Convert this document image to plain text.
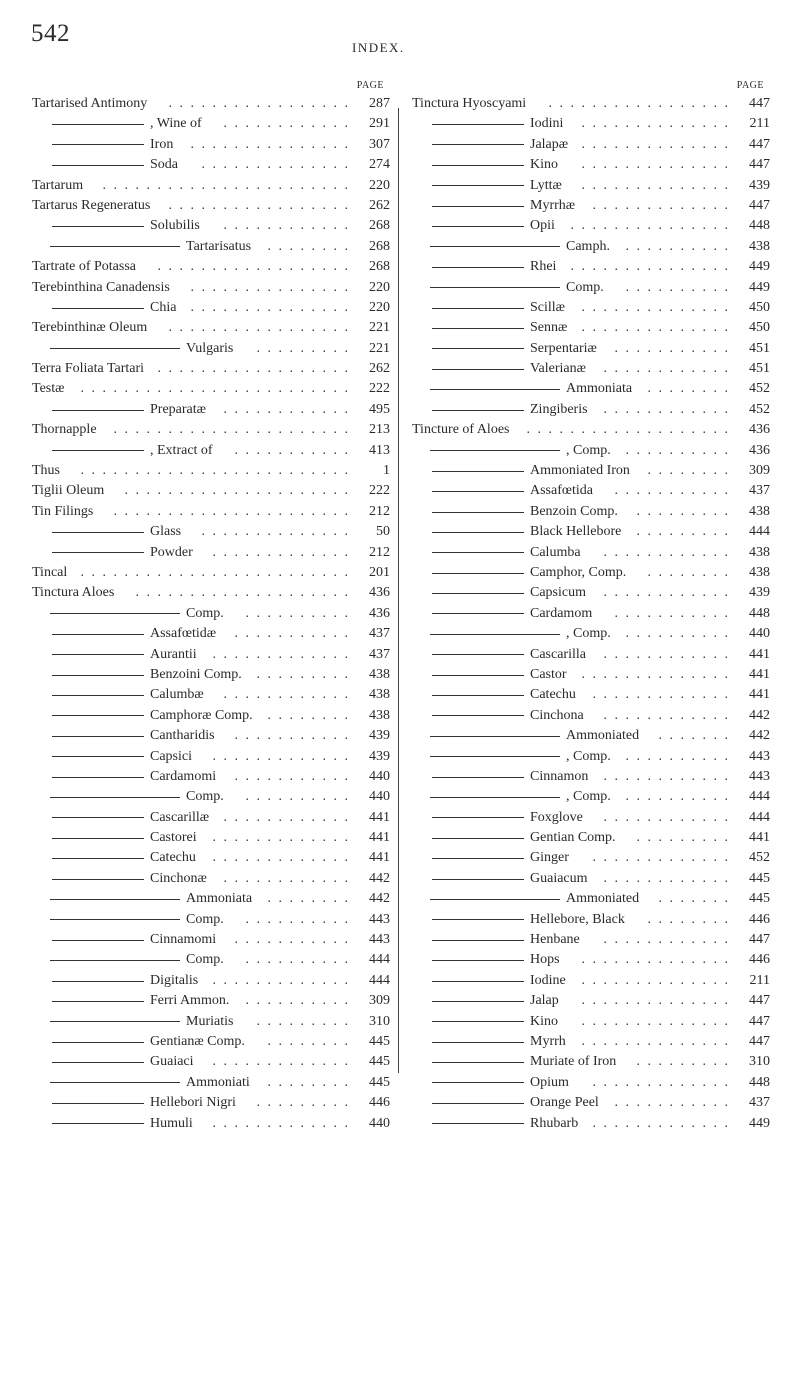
542
INDEX.
PAGE
Tartarised Antimony . . . . . . . . . . . . . . . . .	287
, Wine of . . . . . . . . . . . .	291
Iron . . . . . . . . . . . . . . .	307
Soda . . . . . . . . . . . . . .	274
Tartarum . . . . . . . . . . . . . . . . . . . . . . .	220
Tartarus Regeneratus . . . . . . . . . . . . . . . . .	262
Solubilis . . . . . . . . . . . .	268
Tartarisatus . . . . . . . .	268
Tartrate of Potassa . . . . . . . . . . . . . . . . . .	268
Terebinthina Canadensis . . . . . . . . . . . . . . .	220
Chia . . . . . . . . . . . . . . .	220
Terebinthinæ Oleum . . . . . . . . . . . . . . . . .	221
Vulgaris . . . . . . . . .	221
Terra Foliata Tartari . . . . . . . . . . . . . . . . . .	262
Testæ . . . . . . . . . . . . . . . . . . . . . . . . .	222
Preparatæ . . . . . . . . . . . .	495
Thornapple . . . . . . . . . . . . . . . . . . . . . .	213
, Extract of . . . . . . . . . . .	413
Thus . . . . . . . . . . . . . . . . . . . . . . . . .	1
Tiglii Oleum . . . . . . . . . . . . . . . . . . . . .	222
Tin Filings . . . . . . . . . . . . . . . . . . . . . .	212
Glass . . . . . . . . . . . . . .	50
Powder . . . . . . . . . . . . .	212
Tincal . . . . . . . . . . . . . . . . . . . . . . . . .	201
Tinctura Aloes . . . . . . . . . . . . . . . . . . . .	436
Comp. . . . . . . . . . .	436
Assafœtidæ . . . . . . . . . . .	437
Aurantii . . . . . . . . . . . . .	437
Benzoini Comp. . . . . . . . . .	438
Calumbæ . . . . . . . . . . . .	438
Camphoræ Comp. . . . . . . . .	438
Cantharidis . . . . . . . . . . .	439
Capsici . . . . . . . . . . . . .	439
Cardamomi . . . . . . . . . . .	440
Comp. . . . . . . . . . .	440
Cascarillæ . . . . . . . . . . . .	441
Castorei . . . . . . . . . . . . .	441
Catechu . . . . . . . . . . . . .	441
Cinchonæ . . . . . . . . . . . .	442
Ammoniata . . . . . . . .	442
Comp. . . . . . . . . . .	443
Cinnamomi . . . . . . . . . . .	443
Comp. . . . . . . . . . .	444
Digitalis . . . . . . . . . . . . .	444
Ferri Ammon. . . . . . . . . . .	309
Muriatis . . . . . . . . .	310
Gentianæ Comp. . . . . . . . .	445
Guaiaci . . . . . . . . . . . . .	445
Ammoniati . . . . . . . .	445
Hellebori Nigri . . . . . . . . .	446
Humuli . . . . . . . . . . . . .	440
PAGE
Tinctura Hyoscyami . . . . . . . . . . . . . . . . .	447
Iodini . . . . . . . . . . . . . .	211
Jalapæ . . . . . . . . . . . . . .	447
Kino . . . . . . . . . . . . . .	447
Lyttæ . . . . . . . . . . . . . .	439
Myrrhæ . . . . . . . . . . . . .	447
Opii . . . . . . . . . . . . . . .	448
Camph. . . . . . . . . . .	438
Rhei . . . . . . . . . . . . . . .	449
Comp. . . . . . . . . . .	449
Scillæ . . . . . . . . . . . . . .	450
Sennæ . . . . . . . . . . . . . .	450
Serpentariæ . . . . . . . . . . .	451
Valerianæ . . . . . . . . . . . .	451
Ammoniata . . . . . . . .	452
Zingiberis . . . . . . . . . . . .	452
Tincture of Aloes . . . . . . . . . . . . . . . . . . .	436
, Comp. . . . . . . . . . .	436
Ammoniated Iron . . . . . . . .	309
Assafœtida . . . . . . . . . . .	437
Benzoin Comp. . . . . . . . . .	438
Black Hellebore . . . . . . . . .	444
Calumba . . . . . . . . . . . .	438
Camphor, Comp. . . . . . . . .	438
Capsicum . . . . . . . . . . . .	439
Cardamom . . . . . . . . . . .	448
, Comp. . . . . . . . . . .	440
Cascarilla . . . . . . . . . . . .	441
Castor . . . . . . . . . . . . . .	441
Catechu . . . . . . . . . . . . .	441
Cinchona . . . . . . . . . . . .	442
Ammoniated . . . . . . .	442
, Comp. . . . . . . . . . .	443
Cinnamon . . . . . . . . . . . .	443
, Comp. . . . . . . . . . .	444
Foxglove . . . . . . . . . . . .	444
Gentian Comp. . . . . . . . . .	441
Ginger . . . . . . . . . . . . .	452
Guaiacum . . . . . . . . . . . .	445
Ammoniated . . . . . . .	445
Hellebore, Black . . . . . . . .	446
Henbane . . . . . . . . . . . .	447
Hops . . . . . . . . . . . . . .	446
Iodine . . . . . . . . . . . . . .	211
Jalap . . . . . . . . . . . . . .	447
Kino . . . . . . . . . . . . . .	447
Myrrh . . . . . . . . . . . . . .	447
Muriate of Iron . . . . . . . . .	310
Opium . . . . . . . . . . . . .	448
Orange Peel . . . . . . . . . . .	437
Rhubarb . . . . . . . . . . . . .	449
